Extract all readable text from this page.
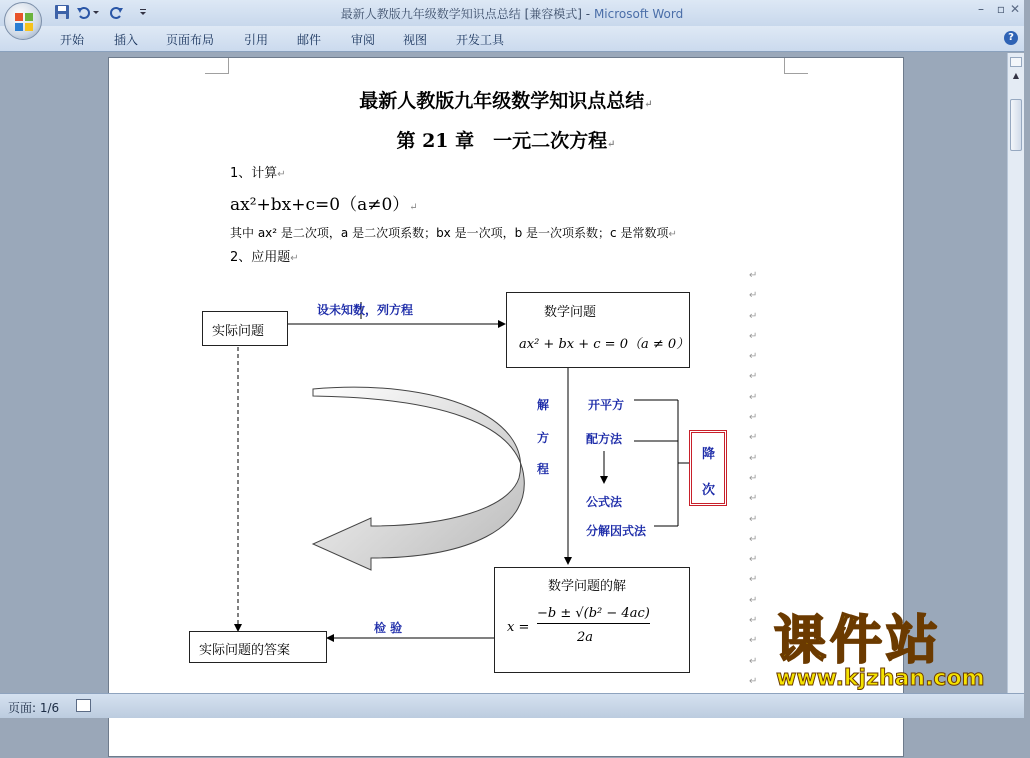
最新人教版九年级数学知识点总结 [兼容模式] - Microsoft Word	–	▫ ✕
开始 插入 页面布局 引用 邮件 审阅 视图 开发工具	?
最新人教版九年级数学知识点总结↵
第 21 章　一元二次方程↵
1、计算↵
ax²+bx+c=0（a≠0）↵
其中 ax² 是二次项，a 是二次项系数；bx 是一次项，b 是一次项系数；c 是常数项↵
2、应用题↵
实际问题
数学问题
ax² + bx + c = 0（a ≠ 0）
数学问题的解
x =
−b ± √(b² − 4ac)
2a
实际问题的答案
降
次
设未知数，列方程
解
方
程
开平方
配方法
公式法
分解因式法
检 验
↵
↵
↵
↵
↵
↵
↵
↵
↵
↵
↵
↵
↵
↵
↵
↵
↵
↵
↵
↵
↵
▲
页面: 1/6
课件站
www.kjzhan.com
